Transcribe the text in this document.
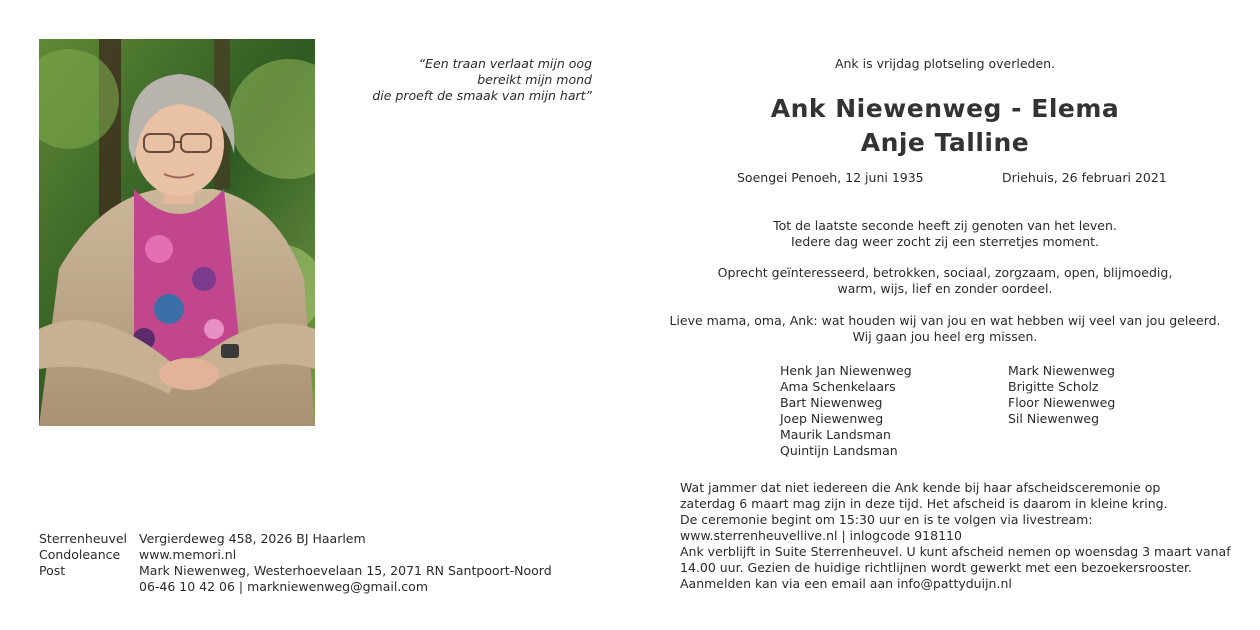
“Een traan verlaat mijn oog
bereikt mijn mond
die proeft de smaak van mijn hart”
Ank is vrijdag plotseling overleden.
Ank Niewenweg - Elema
Anje Talline
Soengei Penoeh, 12 juni 1935	Driehuis, 26 februari 2021
Tot de laatste seconde heeft zij genoten van het leven.
Iedere dag weer zocht zij een sterretjes moment.
Oprecht geïnteresseerd, betrokken, sociaal, zorgzaam, open, blijmoedig,
warm, wijs, lief en zonder oordeel.
Lieve mama, oma, Ank: wat houden wij van jou en wat hebben wij veel van jou geleerd.
Wij gaan jou heel erg missen.
Henk Jan Niewenweg
Ama Schenkelaars
Bart Niewenweg
Joep Niewenweg
Maurik Landsman
Quintijn Landsman
Mark Niewenweg
Brigitte Scholz
Floor Niewenweg
Sil Niewenweg
Wat jammer dat niet iedereen die Ank kende bij haar afscheidsceremonie op
zaterdag 6 maart mag zijn in deze tijd. Het afscheid is daarom in kleine kring.
De ceremonie begint om 15:30 uur en is te volgen via livestream:
www.sterrenheuvellive.nl | inlogcode 918110
Ank verblijft in Suite Sterrenheuvel. U kunt afscheid nemen op woensdag 3 maart vanaf
14.00 uur. Gezien de huidige richtlijnen wordt gewerkt met een bezoekersrooster.
Aanmelden kan via een email aan info@pattyduijn.nl
Sterrenheuvel Vergierdeweg 458, 2026 BJ Haarlem
Condoleance	www.memori.nl
Post	Mark Niewenweg, Westerhoevelaan 15, 2071 RN Santpoort-Noord
06-46 10 42 06 | markniewenweg@gmail.com
